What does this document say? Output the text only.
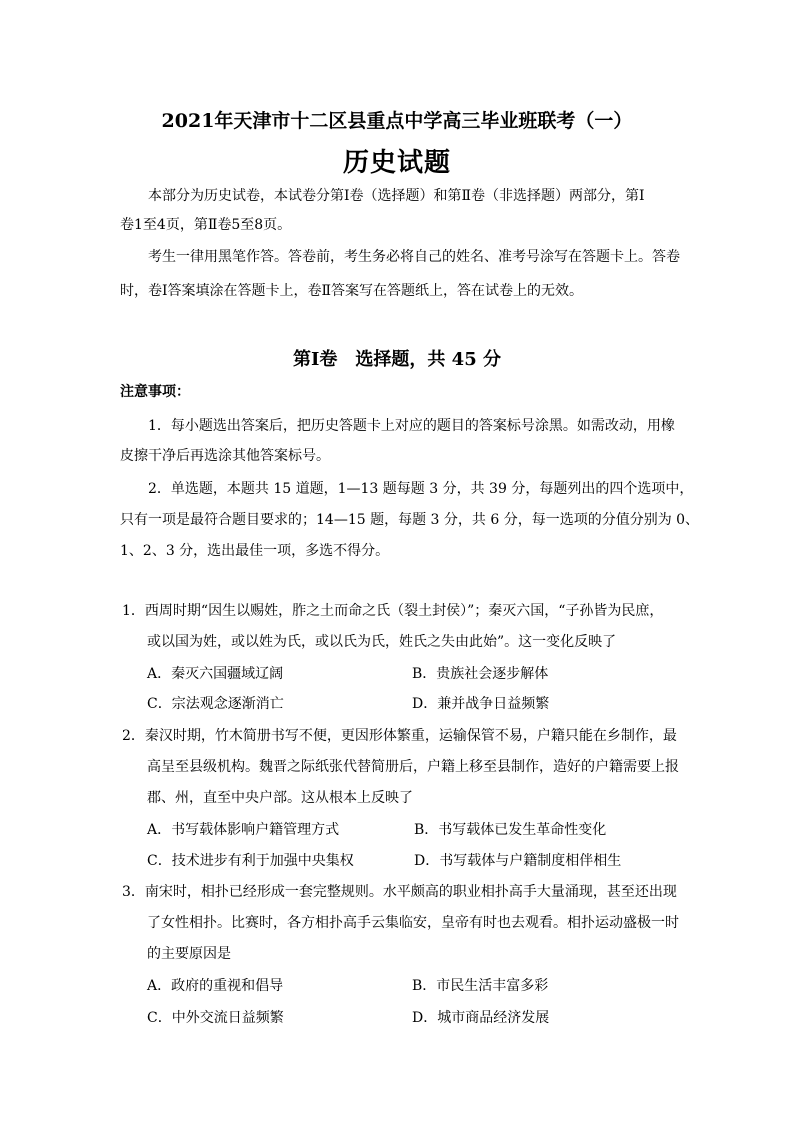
2021年天津市十二区县重点中学高三毕业班联考（一）
历史试题
本部分为历史试卷，本试卷分第Ⅰ卷（选择题）和第Ⅱ卷（非选择题）两部分，第Ⅰ
卷1至4页，第Ⅱ卷5至8页。
考生一律用黑笔作答。答卷前，考生务必将自己的姓名、准考号涂写在答题卡上。答卷
时，卷Ⅰ答案填涂在答题卡上，卷Ⅱ答案写在答题纸上，答在试卷上的无效。
第Ⅰ卷　选择题，共 45 分
注意事项：
1．每小题选出答案后，把历史答题卡上对应的题目的答案标号涂黑。如需改动，用橡
皮擦干净后再选涂其他答案标号。
2．单选题，本题共 15 道题，1—13 题每题 3 分，共 39 分，每题列出的四个选项中，
只有一项是最符合题目要求的；14—15 题，每题 3 分，共 6 分，每一选项的分值分别为 0、
1、2、3 分，选出最佳一项，多选不得分。
1．西周时期“因生以赐姓，胙之土而命之氏（裂土封侯）”；秦灭六国，“子孙皆为民庶，
或以国为姓，或以姓为氏，或以氏为氏，姓氏之失由此始”。这一变化反映了
A．秦灭六国疆域辽阔	B．贵族社会逐步解体
C．宗法观念逐渐消亡	D．兼并战争日益频繁
2．秦汉时期，竹木简册书写不便，更因形体繁重，运输保管不易，户籍只能在乡制作，最
高呈至县级机构。魏晋之际纸张代替简册后，户籍上移至县制作，造好的户籍需要上报
郡、州，直至中央户部。这从根本上反映了
A．书写载体影响户籍管理方式	B．书写载体已发生革命性变化
C．技术进步有利于加强中央集权	D．书写载体与户籍制度相伴相生
3．南宋时，相扑已经形成一套完整规则。水平颇高的职业相扑高手大量涌现，甚至还出现
了女性相扑。比赛时，各方相扑高手云集临安，皇帝有时也去观看。相扑运动盛极一时
的主要原因是
A．政府的重视和倡导	B．市民生活丰富多彩
C．中外交流日益频繁	D．城市商品经济发展
